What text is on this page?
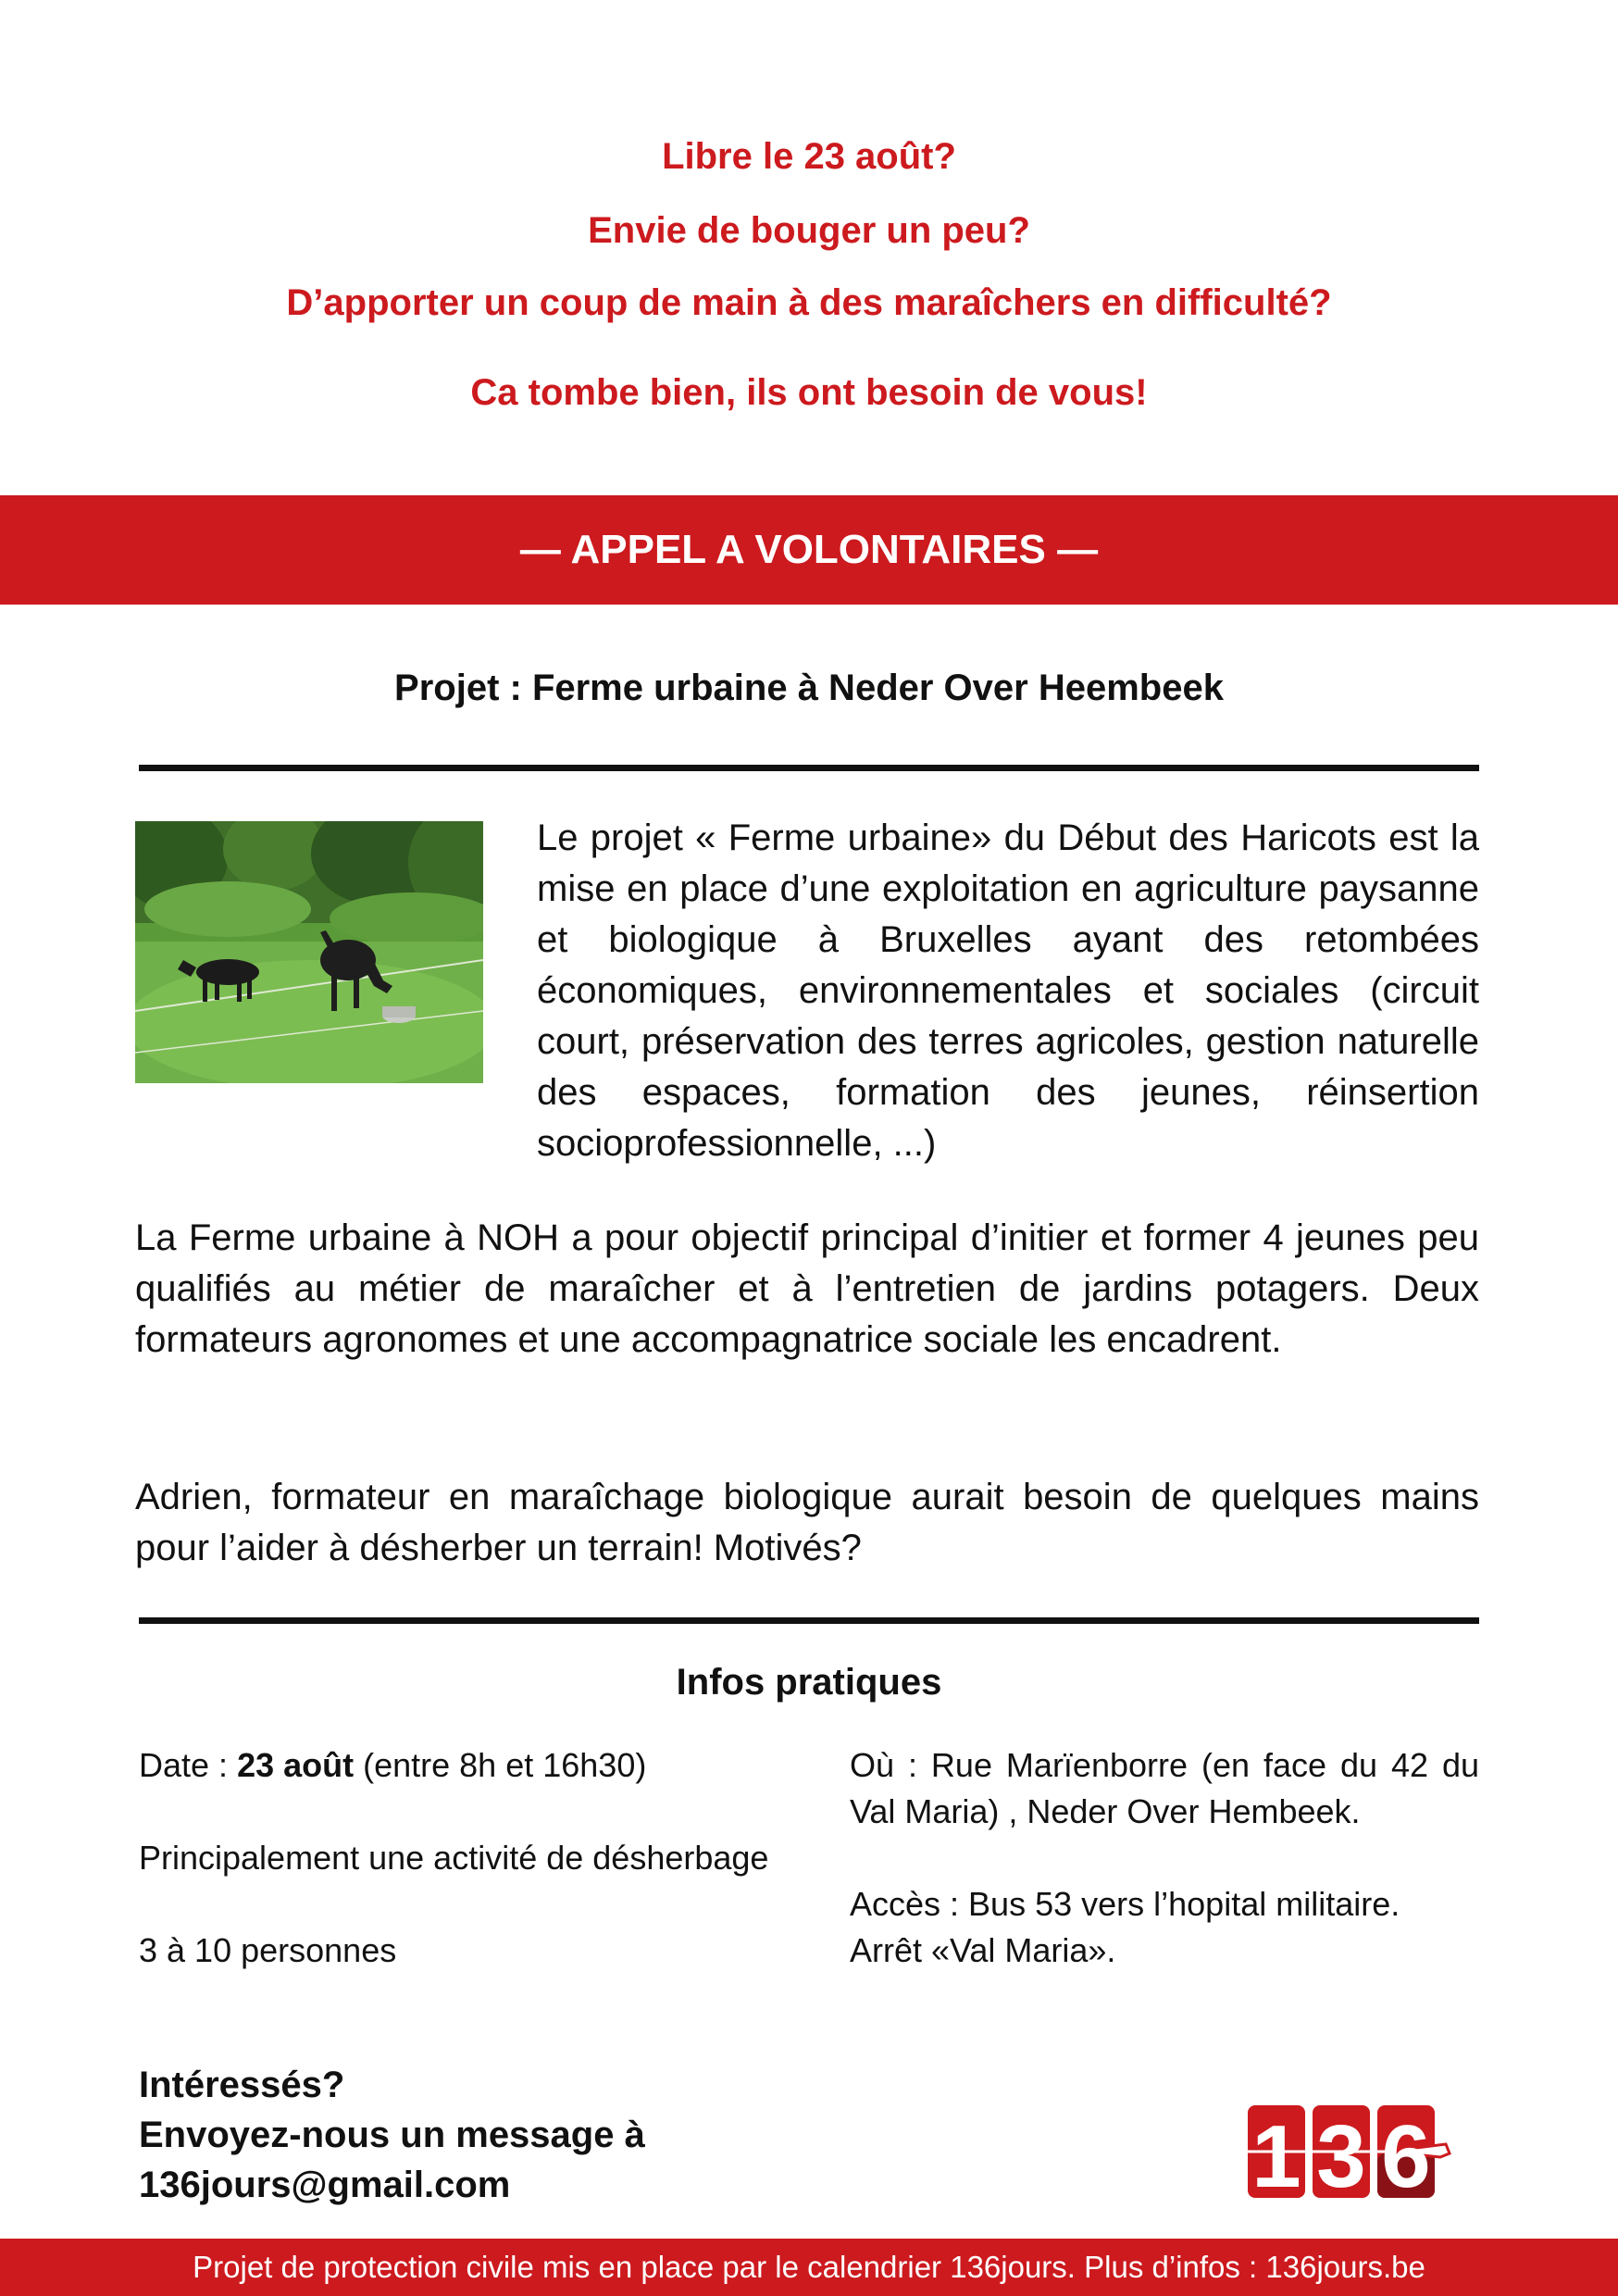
Libre le 23 août?
Envie de bouger un peu?
D’apporter un coup de main à des maraîchers en difficulté?
Ca tombe bien, ils ont besoin de vous!
— APPEL A VOLONTAIRES —
Projet : Ferme urbaine à Neder Over Heembeek

Le projet « Ferme urbaine» du Début des Haricots est la mise en place d’une exploitation en agriculture paysanne et biologique à Bruxelles ayant des retombées économiques, environnementales et sociales (circuit court, préservation des terres agricoles, gestion naturelle des espaces, formation des jeunes, réinsertion socioprofessionnelle, ...)

La Ferme urbaine à NOH a pour objectif principal d’initier et former 4 jeunes peu qualifiés au métier de maraîcher et à l’entretien de jardins potagers. Deux formateurs agronomes et une accompagnatrice sociale les encadrent.

Adrien, formateur en maraîchage biologique aurait besoin de quelques mains pour l’aider à désherber un terrain! Motivés?

Infos pratiques

Date : 23 août (entre 8h et 16h30)

Principalement une activité de désherbage

3 à 10 personnes

Où : Rue Marïenborre (en face du 42 du Val Maria) , Neder Over Hembeek.

Accès : Bus 53 vers l’hopital militaire.
Arrêt «Val Maria».
Intéressés?
Envoyez-nous un message à
136jours@gmail.com	1 3 6
Projet de protection civile mis en place par le calendrier 136jours. Plus d’infos : 136jours.be
